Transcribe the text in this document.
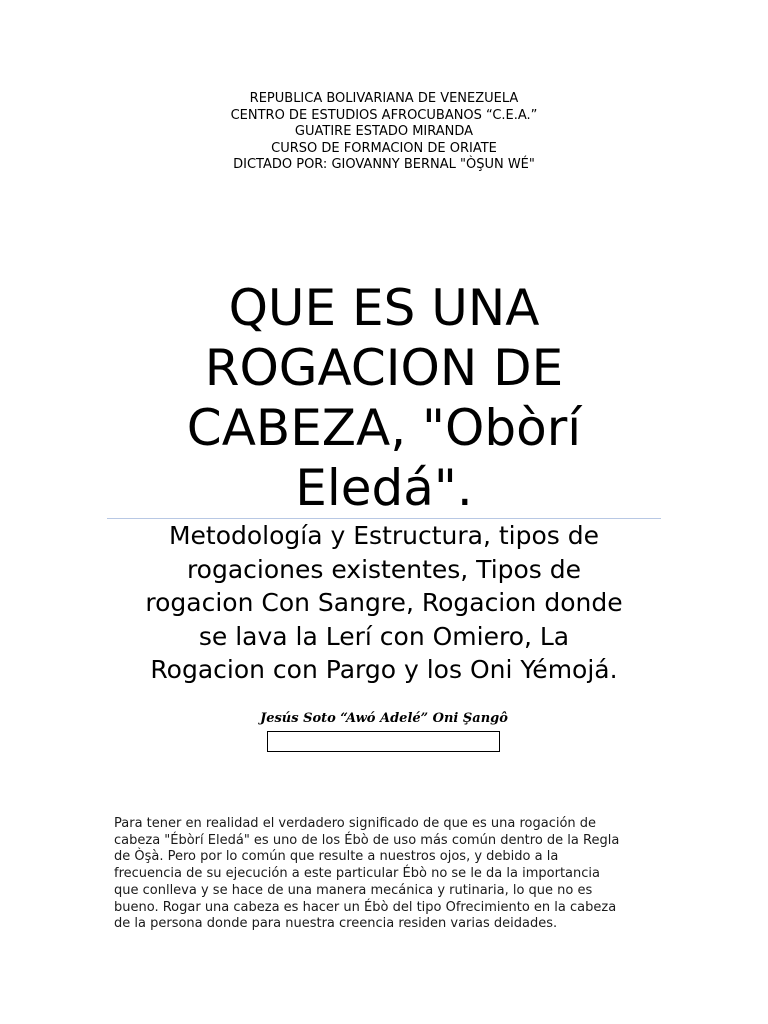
REPUBLICA BOLIVARIANA DE VENEZUELA
CENTRO DE ESTUDIOS AFROCUBANOS “C.E.A.”
GUATIRE ESTADO MIRANDA
CURSO DE FORMACION DE ORIATE
DICTADO POR: GIOVANNY BERNAL "ÒŞUN WÉ"
QUE ES UNA
ROGACION DE
CABEZA, "Obòrí
Eledá".
Metodología y Estructura, tipos de
rogaciones existentes, Tipos de
rogacion Con Sangre, Rogacion donde
se lava la Lerí con Omiero, La
Rogacion con Pargo y los Oni Yémojá.
Jesús Soto “Awó Adelé” Oni Şangô
Para tener en realidad el verdadero significado de que es una rogación de
cabeza "Ébòrí Eledá" es uno de los Ébò de uso más común dentro de la Regla
de Òşà. Pero por lo común que resulte a nuestros ojos, y debido a la
frecuencia de su ejecución a este particular Ébò no se le da la importancia
que conlleva y se hace de una manera mecánica y rutinaria, lo que no es
bueno. Rogar una cabeza es hacer un Ébò del tipo Ofrecimiento en la cabeza
de la persona donde para nuestra creencia residen varias deidades.
